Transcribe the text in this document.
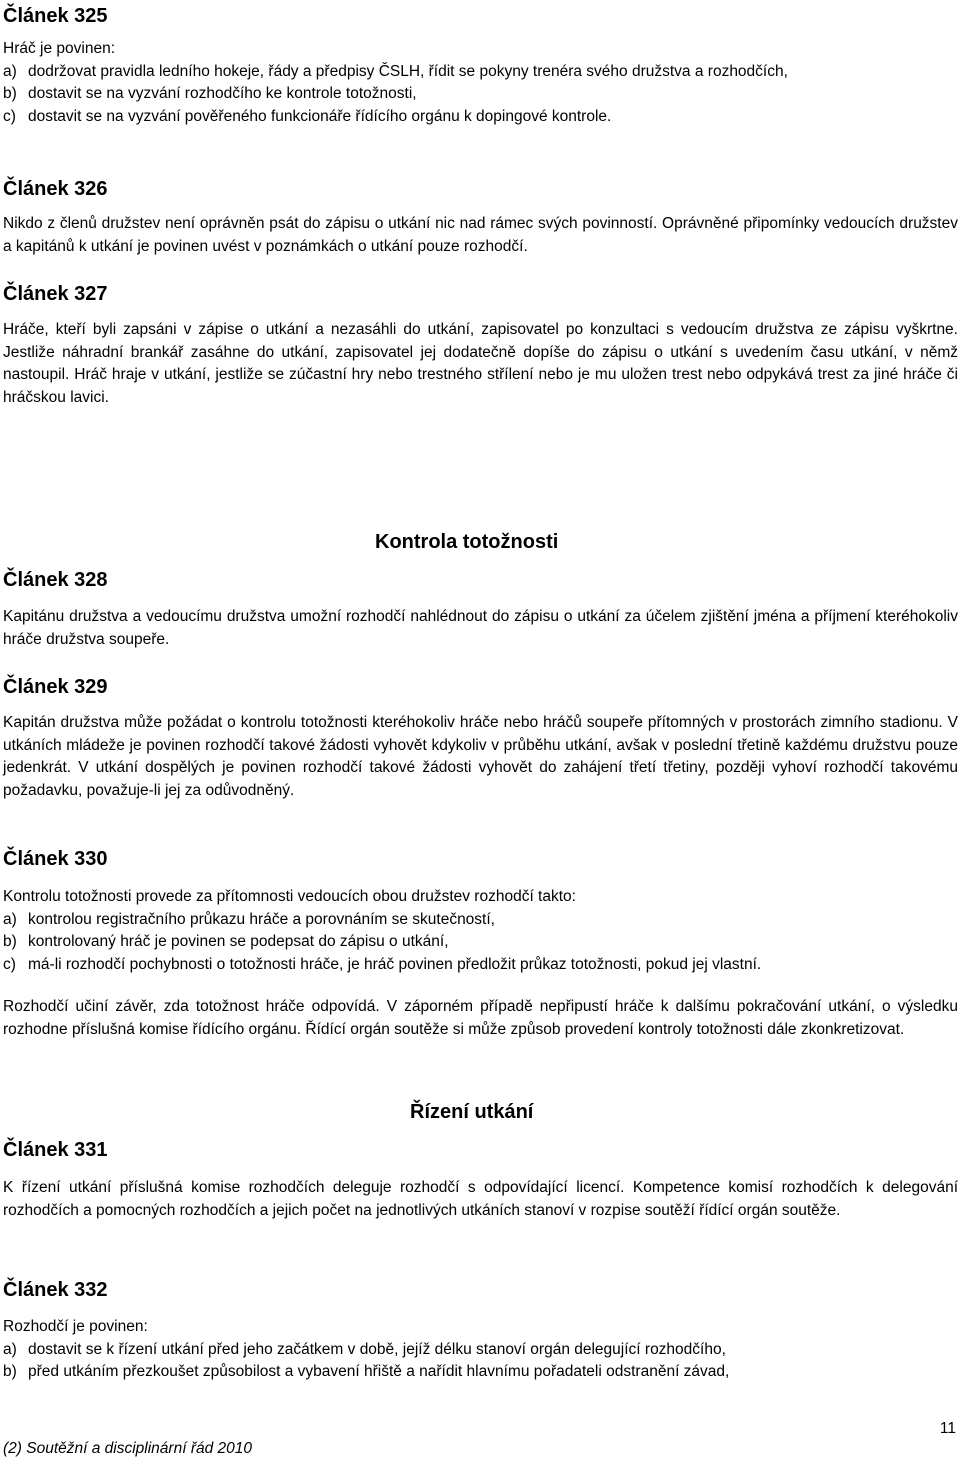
Článek 325

Hráč je povinen:

a) dodržovat pravidla ledního hokeje, řády a předpisy ČSLH, řídit se pokyny trenéra svého družstva a rozhodčích,
b) dostavit se na vyzvání rozhodčího ke kontrole totožnosti,
c) dostavit se na vyzvání pověřeného funkcionáře řídícího orgánu k dopingové kontrole.

Článek 326

Nikdo z členů družstev není oprávněn psát do zápisu o utkání nic nad rámec svých povinností. Oprávněné připomínky vedoucích družstev a kapitánů k utkání je povinen uvést v poznámkách o utkání pouze rozhodčí.

Článek 327

Hráče, kteří byli zapsáni v zápise o utkání a nezasáhli do utkání, zapisovatel po konzultaci s vedoucím družstva ze zápisu vyškrtne. Jestliže náhradní brankář zasáhne do utkání, zapisovatel jej dodatečně dopíše do zápisu o utkání s uvedením času utkání, v němž nastoupil. Hráč hraje v utkání, jestliže se zúčastní hry nebo trestného střílení nebo je mu uložen trest nebo odpykává trest za jiné hráče či hráčskou lavici.

Kontrola totožnosti

Článek 328

Kapitánu družstva a vedoucímu družstva umožní rozhodčí nahlédnout do zápisu o utkání za účelem zjištění jména a příjmení kteréhokoliv hráče družstva soupeře.

Článek 329

Kapitán družstva může požádat o kontrolu totožnosti kteréhokoliv hráče nebo hráčů soupeře přítomných v prostorách zimního stadionu. V utkáních mládeže je povinen rozhodčí takové žádosti vyhovět kdykoliv v průběhu utkání, avšak v poslední třetině každému družstvu pouze jedenkrát. V utkání dospělých je povinen rozhodčí takové žádosti vyhovět do zahájení třetí třetiny, později vyhoví rozhodčí takovému požadavku, považuje-li jej za odůvodněný.

Článek 330

Kontrolu totožnosti provede za přítomnosti vedoucích obou družstev rozhodčí takto:

a) kontrolou registračního průkazu hráče a porovnáním se skutečností,
b) kontrolovaný hráč je povinen se podepsat do zápisu o utkání,
c) má-li rozhodčí pochybnosti o totožnosti hráče, je hráč povinen předložit průkaz totožnosti, pokud jej vlastní.

Rozhodčí učiní závěr, zda totožnost hráče odpovídá. V záporném případě nepřipustí hráče k dalšímu pokračování utkání, o výsledku rozhodne příslušná komise řídícího orgánu. Řídící orgán soutěže si může způsob provedení kontroly totožnosti dále zkonkretizovat.

Řízení utkání

Článek 331

K řízení utkání příslušná komise rozhodčích deleguje rozhodčí s odpovídající licencí. Kompetence komisí rozhodčích k delegování rozhodčích a pomocných rozhodčích a jejich počet na jednotlivých utkáních stanoví v rozpise soutěží řídící orgán soutěže.

Článek 332

Rozhodčí je povinen:

a) dostavit se k řízení utkání před jeho začátkem v době, jejíž délku stanoví orgán delegující rozhodčího,
b) před utkáním přezkoušet způsobilost a vybavení hřiště a nařídit hlavnímu pořadateli odstranění závad,
11
(2) Soutěžní a disciplinární řád 2010
